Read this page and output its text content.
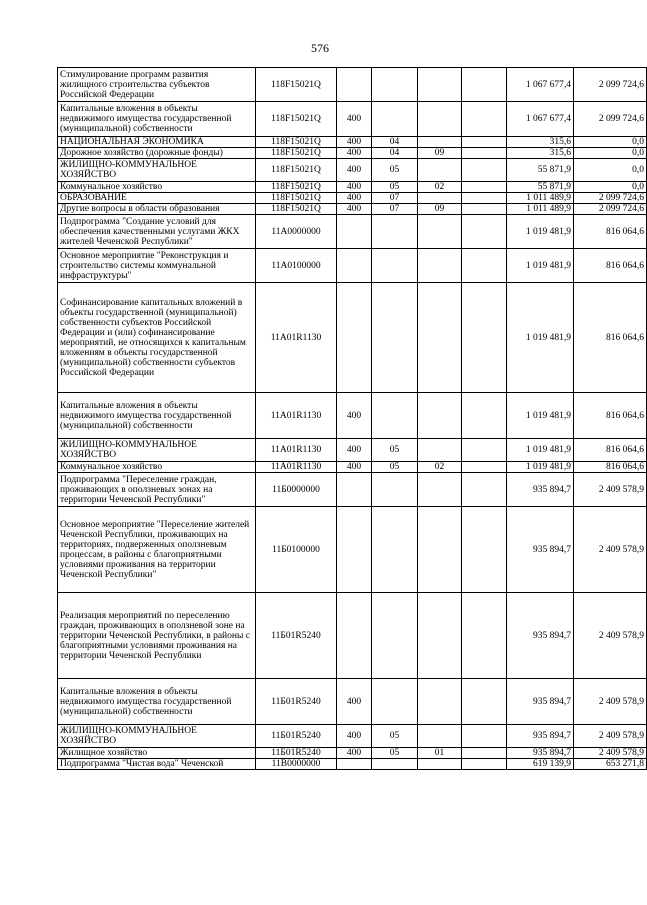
576
Стимулирование программ развития жилищного строительства субъектов Российской Федерации	118F15021Q					1 067 677,4	2 099 724,6
Капитальные вложения в объекты недвижимого имущества государственной (муниципальной) собственности	118F15021Q	400				1 067 677,4	2 099 724,6
НАЦИОНАЛЬНАЯ ЭКОНОМИКА	118F15021Q	400	04			315,6	0,0
Дорожное хозяйство (дорожные фонды)	118F15021Q	400	04	09		315,6	0,0
ЖИЛИЩНО-КОММУНАЛЬНОЕ ХОЗЯЙСТВО	118F15021Q	400	05			55 871,9	0,0
Коммунальное хозяйство	118F15021Q	400	05	02		55 871,9	0,0
ОБРАЗОВАНИЕ	118F15021Q	400	07			1 011 489,9	2 099 724,6
Другие вопросы в области образования	118F15021Q	400	07	09		1 011 489,9	2 099 724,6
Подпрограмма "Создание условий для обеспечения качественными услугами ЖКХ жителей Чеченской Республики"	11А0000000					1 019 481,9	816 064,6
Основное мероприятие "Реконструкция и строительство системы коммунальной инфраструктуры"	11А0100000					1 019 481,9	816 064,6
Софинансирование капитальных вложений в объекты государственной (муниципальной) собственности субъектов Российской Федерации и (или) софинансирование мероприятий, не относящихся к капитальным вложениям в объекты государственной (муниципальной) собственности субъектов Российской Федерации	11А01R1130					1 019 481,9	816 064,6
Капитальные вложения в объекты недвижимого имущества государственной (муниципальной) собственности	11А01R1130	400				1 019 481,9	816 064,6
ЖИЛИЩНО-КОММУНАЛЬНОЕ ХОЗЯЙСТВО	11А01R1130	400	05			1 019 481,9	816 064,6
Коммунальное хозяйство	11А01R1130	400	05	02		1 019 481,9	816 064,6
Подпрограмма "Переселение граждан, проживающих в оползневых зонах на территории Чеченской Республики"	11Б0000000					935 894,7	2 409 578,9
Основное мероприятие "Переселение жителей Чеченской Республики, проживающих на территориях, подверженных оползневым процессам, в районы с благоприятными условиями проживания на территории Чеченской Республики"	11Б0100000					935 894,7	2 409 578,9
Реализация мероприятий по переселению граждан, проживающих в оползневой зоне на территории Чеченской Республики, в районы с благоприятными условиями проживания на территории Чеченской Республики	11Б01R5240					935 894,7	2 409 578,9
Капитальные вложения в объекты недвижимого имущества государственной (муниципальной) собственности	11Б01R5240	400				935 894,7	2 409 578,9
ЖИЛИЩНО-КОММУНАЛЬНОЕ ХОЗЯЙСТВО	11Б01R5240	400	05			935 894,7	2 409 578,9
Жилищное хозяйство	11Б01R5240	400	05	01		935 894,7	2 409 578,9
Подпрограмма "Чистая вода" Чеченской	11В0000000					619 139,9	653 271,8
